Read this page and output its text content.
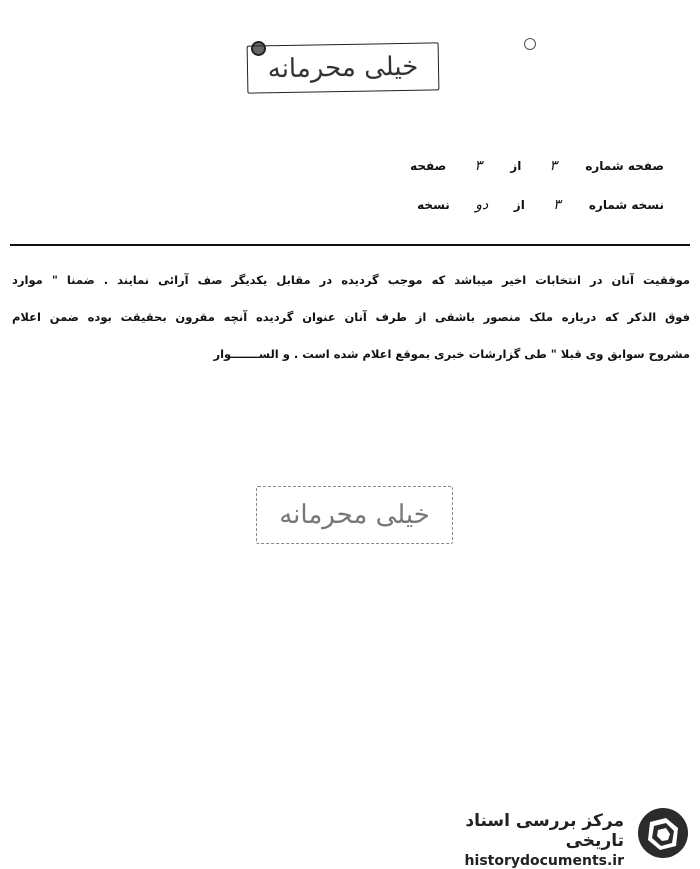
خیلی محرمانه
صفحه شماره
۳
از
۳
صفحه
نسخه شماره
۳
از
دو
نسخه
موفقیت آنان در انتخابات اخیر میباشد که موجب گردیده در مقابل یکدیگر صف آرائی نمایند . ضمنا " موارد
فوق الذکر که درباره ملک منصور باشقی از طرف آنان عنوان گردیده آنچه مقرون بحقیقت بوده ضمن اعلام
مشروح سوابق وی قبلا " طی گزارشات خبری بموقع اعلام شده است . و الســـــــوار
خیلی محرمانه
مرکز بررسی اسناد تاریخی
historydocuments.ir
